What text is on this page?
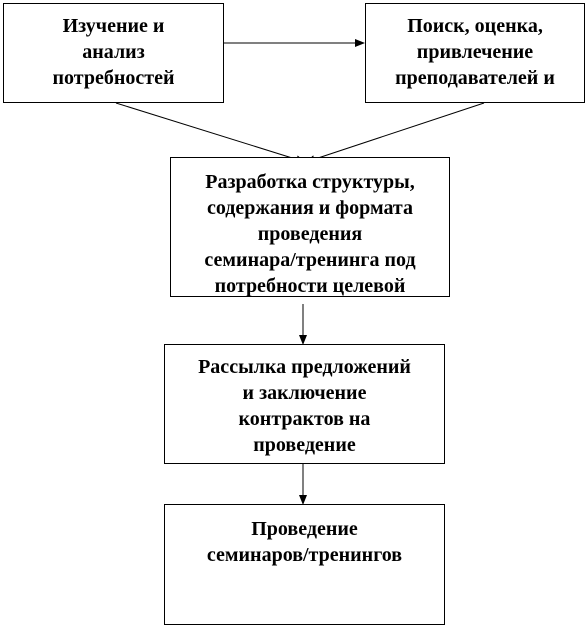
Изучение и
анализ
потребностей
Поиск, оценка,
привлечение
преподавателей и
Разработка структуры,
содержания и формата
проведения
семинара/тренинга под
потребности целевой
Рассылка предложений
и заключение
контрактов на
проведение
Проведение
семинаров/тренингов
